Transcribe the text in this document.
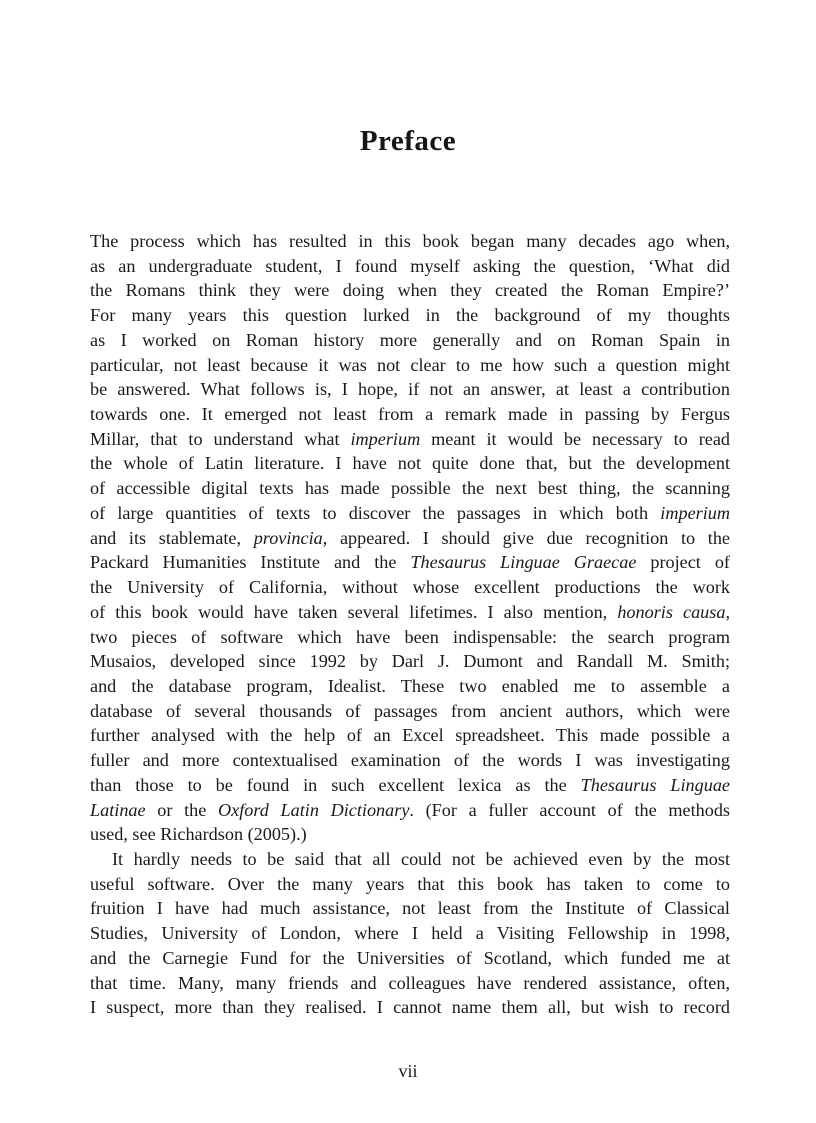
Preface
The process which has resulted in this book began many decades ago when,
as an undergraduate student, I found myself asking the question, ‘What did
the Romans think they were doing when they created the Roman Empire?’
For many years this question lurked in the background of my thoughts
as I worked on Roman history more generally and on Roman Spain in
particular, not least because it was not clear to me how such a question might
be answered. What follows is, I hope, if not an answer, at least a contribution
towards one. It emerged not least from a remark made in passing by Fergus
Millar, that to understand what imperium meant it would be necessary to read
the whole of Latin literature. I have not quite done that, but the development
of accessible digital texts has made possible the next best thing, the scanning
of large quantities of texts to discover the passages in which both imperium
and its stablemate, provincia, appeared. I should give due recognition to the
Packard Humanities Institute and the Thesaurus Linguae Graecae project of
the University of California, without whose excellent productions the work
of this book would have taken several lifetimes. I also mention, honoris causa,
two pieces of software which have been indispensable: the search program
Musaios, developed since 1992 by Darl J. Dumont and Randall M. Smith;
and the database program, Idealist. These two enabled me to assemble a
database of several thousands of passages from ancient authors, which were
further analysed with the help of an Excel spreadsheet. This made possible a
fuller and more contextualised examination of the words I was investigating
than those to be found in such excellent lexica as the Thesaurus Linguae
Latinae or the Oxford Latin Dictionary. (For a fuller account of the methods
used, see Richardson (2005).)
It hardly needs to be said that all could not be achieved even by the most
useful software. Over the many years that this book has taken to come to
fruition I have had much assistance, not least from the Institute of Classical
Studies, University of London, where I held a Visiting Fellowship in 1998,
and the Carnegie Fund for the Universities of Scotland, which funded me at
that time. Many, many friends and colleagues have rendered assistance, often,
I suspect, more than they realised. I cannot name them all, but wish to record
vii
